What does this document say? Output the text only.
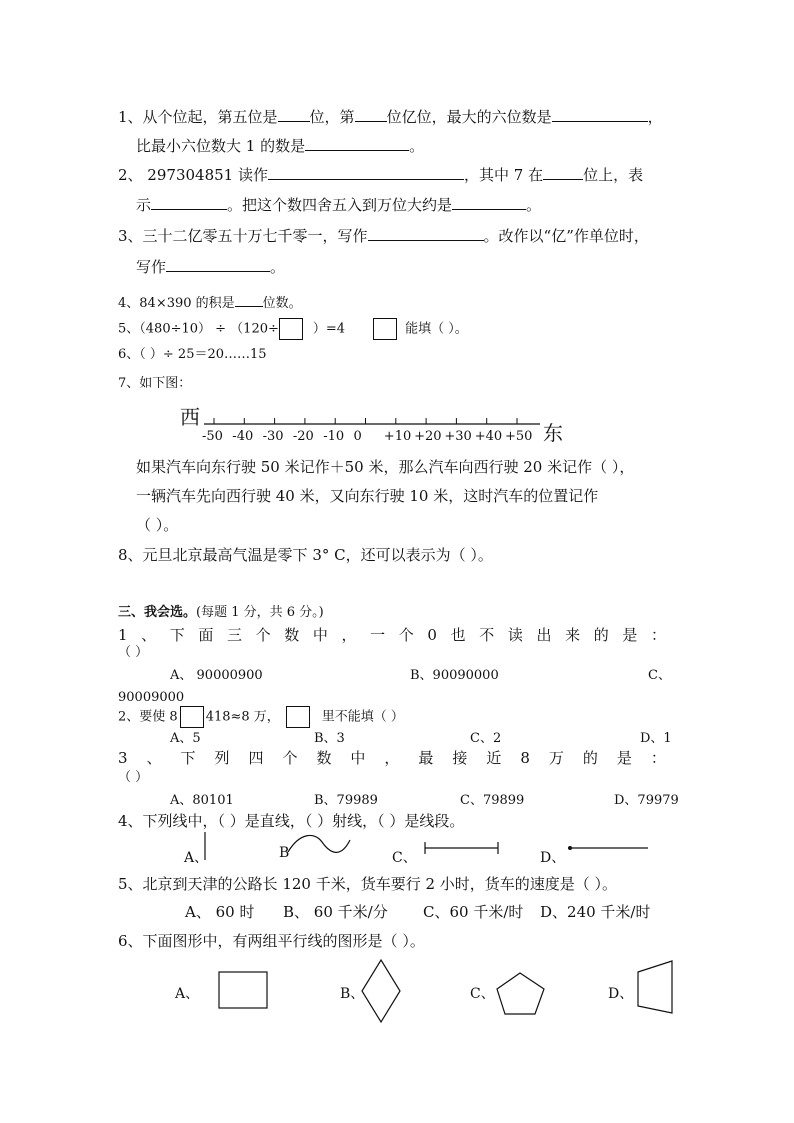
1、从个位起，第五位是 位，第 位亿位，最大的六位数是	，
比最小六位数大 1 的数是	。
2、 297304851 读作	，其中 7 在	位上，表
示	。把这个数四舍五入到万位大约是	。
3、三十二亿零五十万七千零一，写作	。改作以“亿”作单位时，
写作	。
4、84×390 的积是 位数。
5、（480÷10） ÷ （120÷	）=4	能填（ ）。
6、（ ）÷ 25＝20……15
7、如下图：
西
东
-50 -40 -30 -20 -10 0 +10 +20 +30 +40 +50
如果汽车向东行驶 50 米记作＋50 米，那么汽车向西行驶 20 米记作（ ），
一辆汽车先向西行驶 40 米，又向东行驶 10 米，这时汽车的位置记作
（ ）。
8、元旦北京最高气温是零下 3° C，还可以表示为（ ）。
三、我会选。(每题 1 分，共 6 分。)
1 、 下 面 三 个 数 中 ， 一 个 0 也 不 读 出 来 的 是 ：
（ ）
A、 90000900	B、90090000	C、
90009000
2、要使 8 418≈8 万，	里不能填（ ）
A、5	B、3	C、2	D、1
3 、 下 列 四 个 数 中 ， 最 接 近 8 万 的 是 ：
（ ）
A、80101	B、79989	C、79899	D、79979
4、下列线中，（ ）是直线，（ ）射线，（ ）是线段。
A、	B	C、	D、
5、北京到天津的公路长 120 千米，货车要行 2 小时，货车的速度是（ ）。
A、 60 时 B、 60 千米/分 C、60 千米/时 D、240 千米/时
6、下面图形中，有两组平行线的图形是（ ）。
A、	B、	C、	D、
